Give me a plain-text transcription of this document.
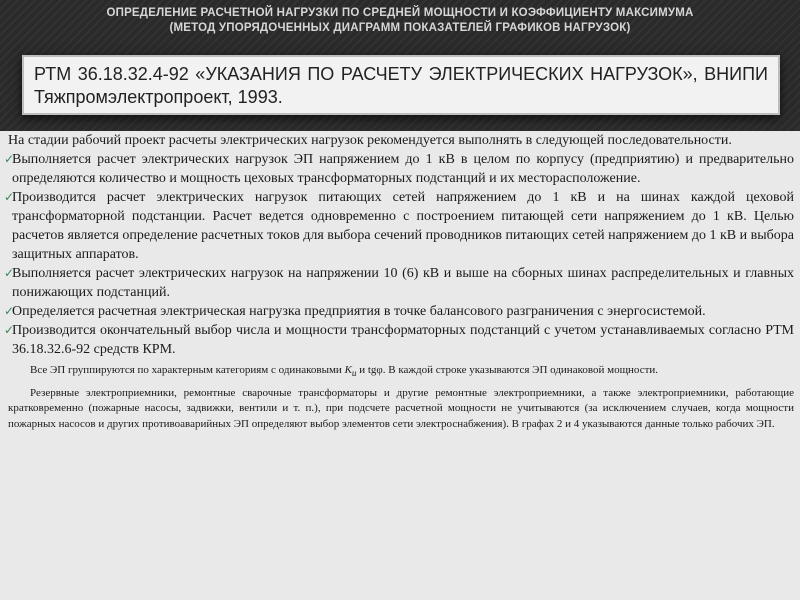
ОПРЕДЕЛЕНИЕ РАСЧЕТНОЙ НАГРУЗКИ ПО СРЕДНЕЙ МОЩНОСТИ И КОЭФФИЦИЕНТУ МАКСИМУМА
(МЕТОД УПОРЯДОЧЕННЫХ ДИАГРАММ ПОКАЗАТЕЛЕЙ ГРАФИКОВ НАГРУЗОК)

РТМ 36.18.32.4-92 «УКАЗАНИЯ ПО РАСЧЕТУ ЭЛЕКТРИЧЕСКИХ НАГРУЗОК», ВНИПИ Тяжпромэлектропроект, 1993.

На стадии рабочий проект расчеты электрических нагрузок рекомендуется выполнять в следующей последовательности.

✓
Выполняется расчет электрических нагрузок ЭП напряжением до 1 кВ в целом по корпусу (предприятию) и предварительно определяются количество и мощность цеховых трансформаторных подстанций и их месторасположение.

✓
Производится расчет электрических нагрузок питающих сетей напряжением до 1 кВ и на шинах каждой цеховой трансформаторной подстанции. Расчет ведется одновременно с построением питающей сети напряжением до 1 кВ. Целью расчетов является определение расчетных токов для выбора сечений проводников питающих сетей напряжением до 1 кВ и выбора защитных аппаратов.

✓
Выполняется расчет электрических нагрузок на напряжении 10 (6) кВ и выше на сборных шинах распределительных и главных понижающих подстанций.

✓
Определяется расчетная электрическая нагрузка предприятия в точке балансового разграничения с энергосистемой.

✓
Производится окончательный выбор числа и мощности трансформаторных подстанций с учетом устанавливаемых согласно РТМ 36.18.32.6-92 средств КРМ.

Все ЭП группируются по характерным категориям с одинаковыми $К_и$ и tgφ. В каждой строке указываются ЭП одинаковой мощности.

Резервные электроприемники, ремонтные сварочные трансформаторы и другие ремонтные электроприемники, а также электроприемники, работающие кратковременно (пожарные насосы, задвижки, вентили и т. п.), при подсчете расчетной мощности не учитываются (за исключением случаев, когда мощности пожарных насосов и других противоаварийных ЭП определяют выбор элементов сети электроснабжения). В графах 2 и 4 указываются данные только рабочих ЭП.
